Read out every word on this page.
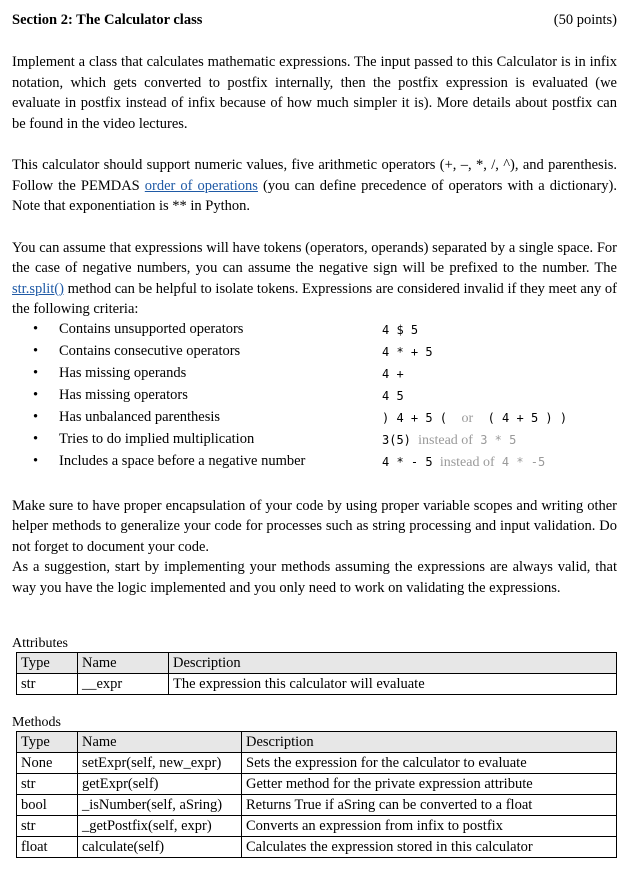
Section 2: The Calculator class	(50 points)

Implement a class that calculates mathematic expressions. The input passed to this Calculator is in infix notation, which gets converted to postfix internally, then the postfix expression is evaluated (we evaluate in postfix instead of infix because of how much simpler it is). More details about postfix can be found in the video lectures.

This calculator should support numeric values, five arithmetic operators (+, –, *, /, ^), and parenthesis. Follow the PEMDAS order of operations (you can define precedence of operators with a dictionary). Note that exponentiation is ** in Python.

You can assume that expressions will have tokens (operators, operands) separated by a single space. For the case of negative numbers, you can assume the negative sign will be prefixed to the number. The str.split() method can be helpful to isolate tokens. Expressions are considered invalid if they meet any of the following criteria:

• Contains unsupported operators	4 $ 5
• Contains consecutive operators	4 * + 5
• Has missing operands	4 +
• Has missing operators	4 5
• Has unbalanced parenthesis	) 4 + 5 ( or ( 4 + 5 ) )
• Tries to do implied multiplication	3(5) instead of 3 * 5
• Includes a space before a negative number	4 * - 5 instead of 4 * -5

Make sure to have proper encapsulation of your code by using proper variable scopes and writing other helper methods to generalize your code for processes such as string processing and input validation. Do not forget to document your code.

As a suggestion, start by implementing your methods assuming the expressions are always valid, that way you have the logic implemented and you only need to work on validating the expressions.

Attributes
Type	Name	Description
str	__expr	The expression this calculator will evaluate
Methods
Type	Name	Description
None	setExpr(self, new_expr)	Sets the expression for the calculator to evaluate
str	getExpr(self)	Getter method for the private expression attribute
bool	_isNumber(self, aSring)	Returns True if aSring can be converted to a float
str	_getPostfix(self, expr)	Converts an expression from infix to postfix
float	calculate(self)	Calculates the expression stored in this calculator
